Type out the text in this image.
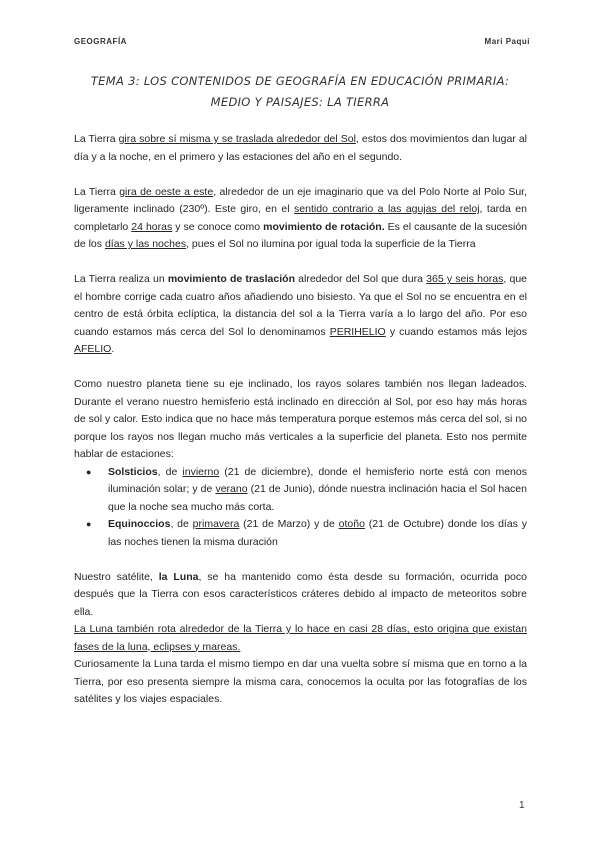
GEOGRAFÍA	Mari Paqui
TEMA 3: LOS CONTENIDOS DE GEOGRAFÍA EN EDUCACIÓN PRIMARIA: MEDIO Y PAISAJES: LA TIERRA

La Tierra gira sobre sí misma y se traslada alrededor del Sol, estos dos movimientos dan lugar al día y a la noche, en el primero y las estaciones del año en el segundo.

La Tierra gira de oeste a este, alrededor de un eje imaginario que va del Polo Norte al Polo Sur, ligeramente inclinado (230º). Este giro, en el sentido contrario a las agujas del reloj, tarda en completarlo 24 horas y se conoce como movimiento de rotación. Es el causante de la sucesión de los días y las noches, pues el Sol no ilumina por igual toda la superficie de la Tierra

La Tierra realiza un movimiento de traslación alrededor del Sol que dura 365 y seis horas, que el hombre corrige cada cuatro años añadiendo uno bisiesto. Ya que el Sol no se encuentra en el centro de está órbita eclíptica, la distancia del sol a la Tierra varía a lo largo del año. Por eso cuando estamos más cerca del Sol lo denominamos PERIHELIO y cuando estamos más lejos AFELIO.

Como nuestro planeta tiene su eje inclinado, los rayos solares también nos llegan ladeados. Durante el verano nuestro hemisferio está inclinado en dirección al Sol, por eso hay más horas de sol y calor. Esto indica que no hace más temperatura porque estemos más cerca del sol, si no porque los rayos nos llegan mucho más verticales a la superficie del planeta. Esto nos permite hablar de estaciones:

● Solsticios, de invierno (21 de diciembre), donde el hemisferio norte está con menos iluminación solar; y de verano (21 de Junio), dónde nuestra inclinación hacia el Sol hacen que la noche sea mucho más corta.
● Equinoccios, de primavera (21 de Marzo) y de otoño (21 de Octubre) donde los días y las noches tienen la misma duración

Nuestro satélite, la Luna, se ha mantenido como ésta desde su formación, ocurrida poco después que la Tierra con esos característicos cráteres debido al impacto de meteoritos sobre ella.

La Luna también rota alrededor de la Tierra y lo hace en casi 28 días, esto origina que existan fases de la luna, eclipses y mareas.

Curiosamente la Luna tarda el mismo tiempo en dar una vuelta sobre sí misma que en torno a la Tierra, por eso presenta siempre la misma cara, conocemos la oculta por las fotografías de los satélites y los viajes espaciales.

1
